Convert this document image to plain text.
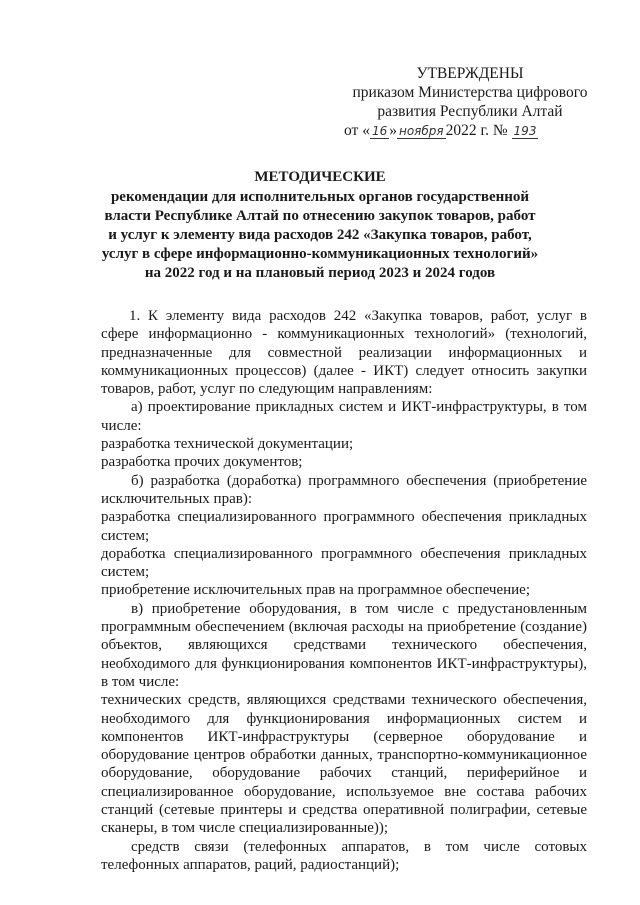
УТВЕРЖДЕНЫ
приказом Министерства цифрового
развития Республики Алтай
от « 16 » ноября 2022 г. № 193
МЕТОДИЧЕСКИЕ
рекомендации для исполнительных органов государственной власти Республике Алтай по отнесению закупок товаров, работ и услуг к элементу вида расходов 242 «Закупка товаров, работ, услуг в сфере информационно-коммуникационных технологий» на 2022 год и на плановый период 2023 и 2024 годов

1. К элементу вида расходов 242 «Закупка товаров, работ, услуг в сфере информационно - коммуникационных технологий» (технологий, предназначенные для совместной реализации информационных и коммуникационных процессов) (далее - ИКТ) следует относить закупки товаров, работ, услуг по следующим направлениям:

а) проектирование прикладных систем и ИКТ-инфраструктуры, в том числе:

разработка технической документации;

разработка прочих документов;

б) разработка (доработка) программного обеспечения (приобретение исключительных прав):

разработка специализированного программного обеспечения прикладных систем;

доработка специализированного программного обеспечения прикладных систем;

приобретение исключительных прав на программное обеспечение;

в) приобретение оборудования, в том числе с предустановленным программным обеспечением (включая расходы на приобретение (создание) объектов, являющихся средствами технического обеспечения, необходимого для функционирования компонентов ИКТ-инфраструктуры), в том числе:

технических средств, являющихся средствами технического обеспечения, необходимого для функционирования информационных систем и компонентов ИКТ-инфраструктуры (серверное оборудование и оборудование центров обработки данных, транспортно-коммуникационное оборудование, оборудование рабочих станций, периферийное и специализированное оборудование, используемое вне состава рабочих станций (сетевые принтеры и средства оперативной полиграфии, сетевые сканеры, в том числе специализированные));

средств связи (телефонных аппаратов, в том числе сотовых телефонных аппаратов, раций, радиостанций);
